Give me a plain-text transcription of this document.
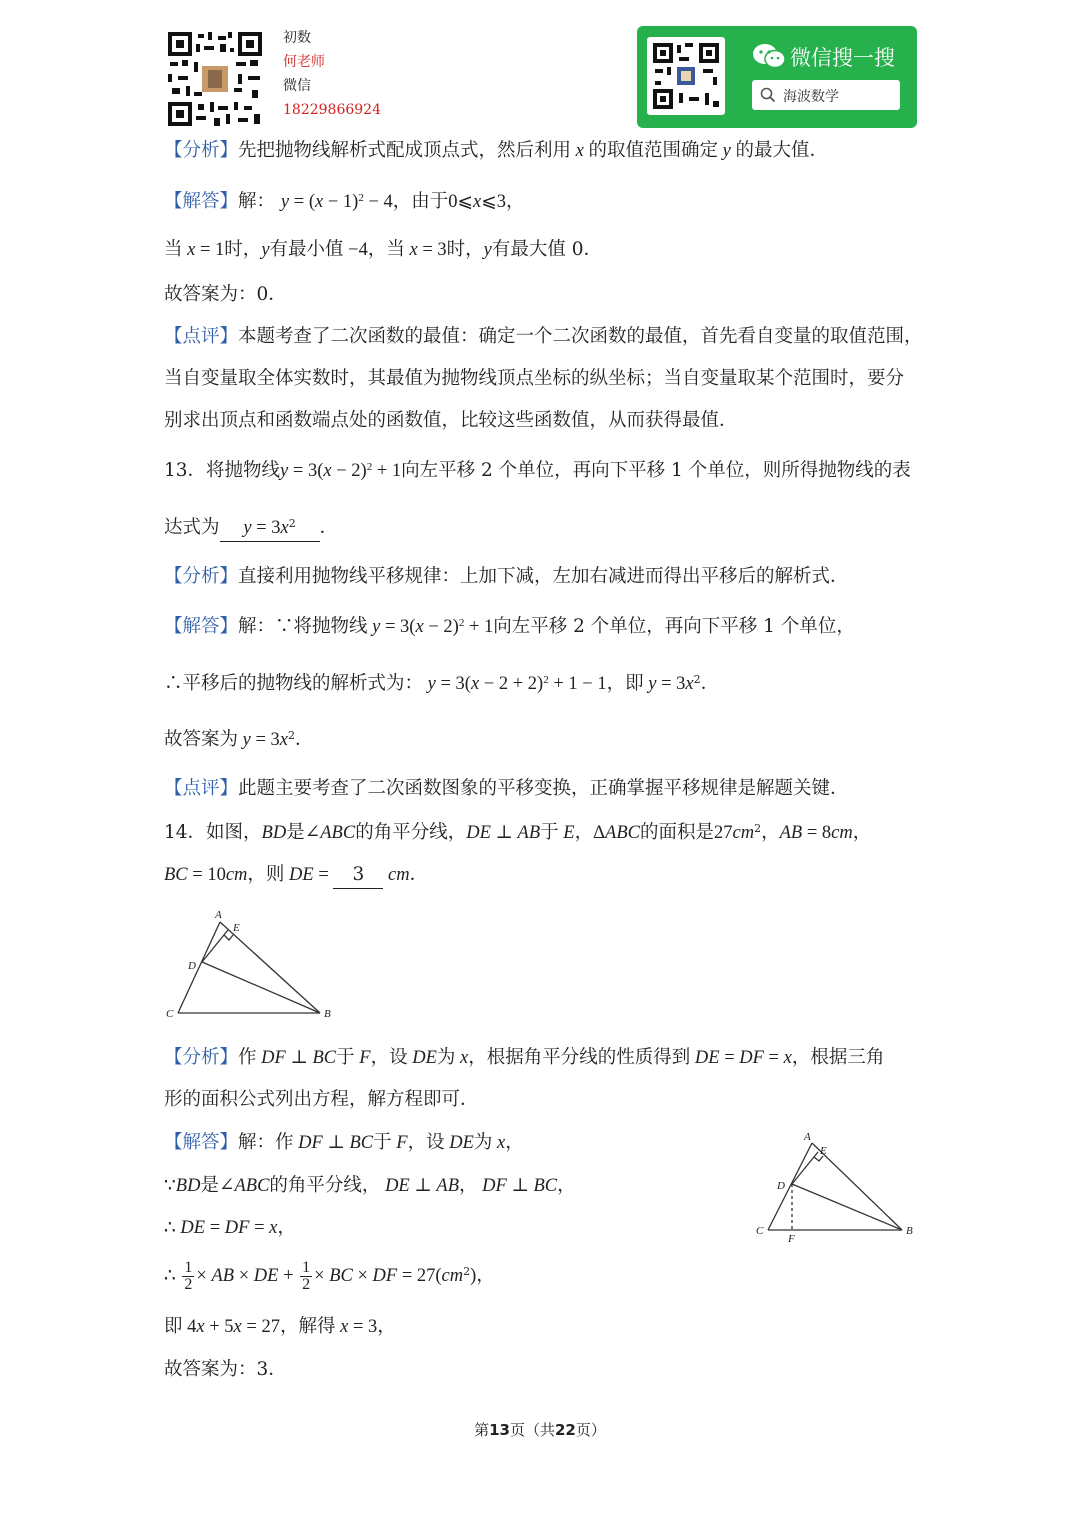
初数
何老师
微信
18229866924
微信搜一搜
海波数学
【分析】先把抛物线解析式配成顶点式，然后利用 x 的取值范围确定 y 的最大值．
【解答】解： $y = (x - 1)^2 - 4$，由于0⩽x⩽3，
当 x = 1时，y有最小值 −4，当 x = 3时，y有最大值 0．
故答案为：0．
【点评】本题考查了二次函数的最值：确定一个二次函数的最值，首先看自变量的取值范围，
当自变量取全体实数时，其最值为抛物线顶点坐标的纵坐标；当自变量取某个范围时，要分
别求出顶点和函数端点处的函数值，比较这些函数值，从而获得最值．
13．将抛物线$y = 3(x - 2)^2 + 1$向左平移 2 个单位，再向下平移 1 个单位，则所得抛物线的表
达式为 $y = 3x^2$ ．
【分析】直接利用抛物线平移规律：上加下减，左加右减进而得出平移后的解析式．
【解答】解：∵将抛物线 $y = 3(x - 2)^2 + 1$向左平移 2 个单位，再向下平移 1 个单位，
∴平移后的抛物线的解析式为： $y = 3(x - 2 + 2)^2 + 1 - 1$，即 $y = 3x^2$．
故答案为 $y = 3x^2$．
【点评】此题主要考查了二次函数图象的平移变换，正确掌握平移规律是解题关键．
14．如图，BD是∠ABC的角平分线，DE ⊥ AB于 E，ΔABC的面积是$27cm^2$，AB = 8cm，
BC = 10cm，则 DE = 3 cm．
A
E
D
C	B
【分析】作 DF ⊥ BC于 F，设 DE为 x，根据角平分线的性质得到 DE = DF = x，根据三角
形的面积公式列出方程，解方程即可．
【解答】解：作 DF ⊥ BC于 F，设 DE为 x，
∵BD是∠ABC的角平分线， DE ⊥ AB， DF ⊥ BC，
∴ DE = DF = x，
∴ $\frac{1}{2}$ × AB × DE + $\frac{1}{2}$ × BC × DF = $27(cm^2)$，
即 4x + 5x = 27，解得 x = 3，
故答案为：3．
A
E
D
C
F
B
第13页（共22页）
